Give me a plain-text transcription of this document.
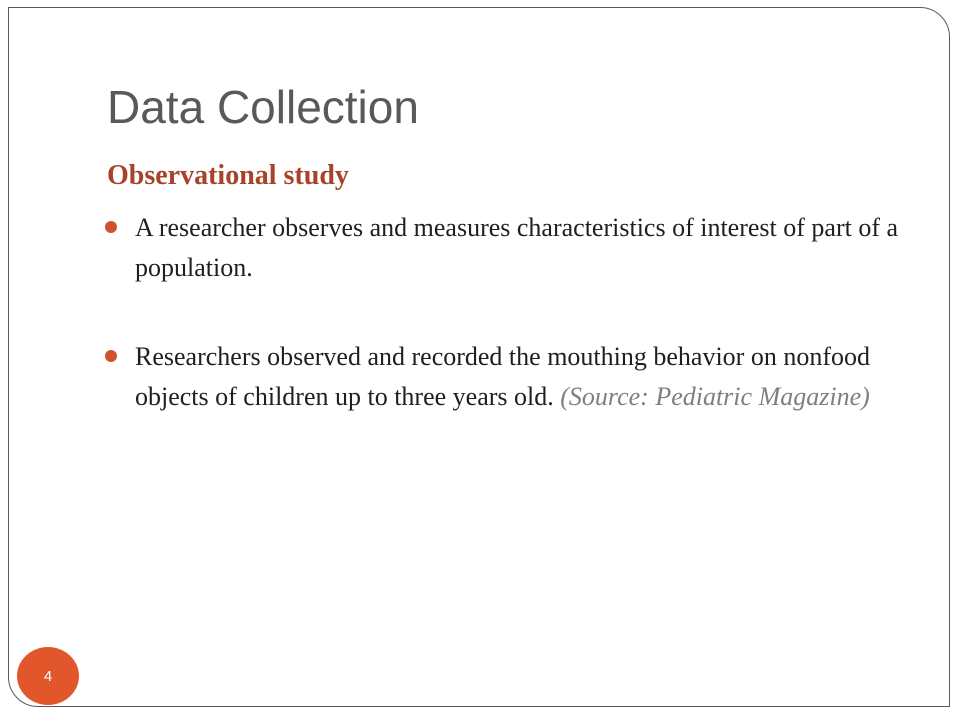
Data Collection
Observational study
A researcher observes and measures characteristics of interest of part of a population.
Researchers observed and recorded the mouthing behavior on nonfood objects of children up to three years old. (Source: Pediatric Magazine)
4
